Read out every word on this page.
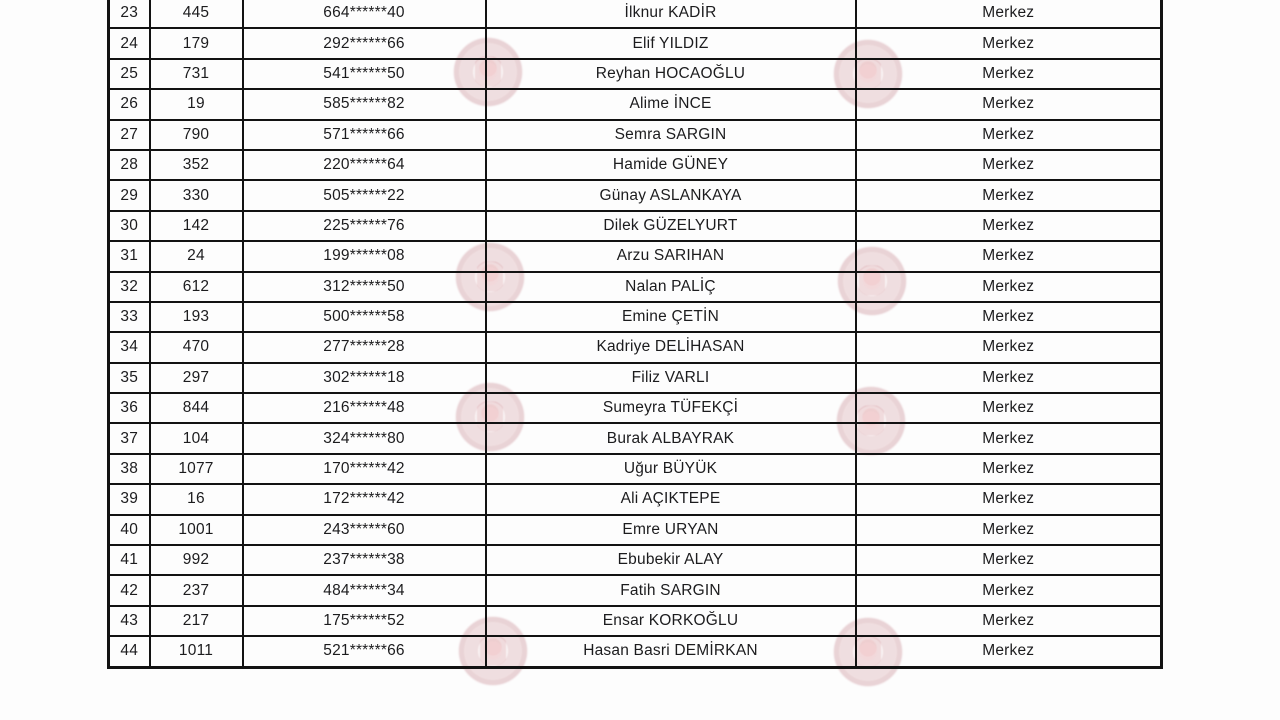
23	445	664******40	İlknur KADİR	Merkez
24	179	292******66	Elif YILDIZ	Merkez
25	731	541******50	Reyhan HOCAOĞLU	Merkez
26	19	585******82	Alime İNCE	Merkez
27	790	571******66	Semra SARGIN	Merkez
28	352	220******64	Hamide GÜNEY	Merkez
29	330	505******22	Günay ASLANKAYA	Merkez
30	142	225******76	Dilek GÜZELYURT	Merkez
31	24	199******08	Arzu SARIHAN	Merkez
32	612	312******50	Nalan PALİÇ	Merkez
33	193	500******58	Emine ÇETİN	Merkez
34	470	277******28	Kadriye DELİHASAN	Merkez
35	297	302******18	Filiz VARLI	Merkez
36	844	216******48	Sumeyra TÜFEKÇİ	Merkez
37	104	324******80	Burak ALBAYRAK	Merkez
38	1077	170******42	Uğur BÜYÜK	Merkez
39	16	172******42	Ali AÇIKTEPE	Merkez
40	1001	243******60	Emre URYAN	Merkez
41	992	237******38	Ebubekir ALAY	Merkez
42	237	484******34	Fatih SARGIN	Merkez
43	217	175******52	Ensar KORKOĞLU	Merkez
44	1011	521******66	Hasan Basri DEMİRKAN	Merkez
